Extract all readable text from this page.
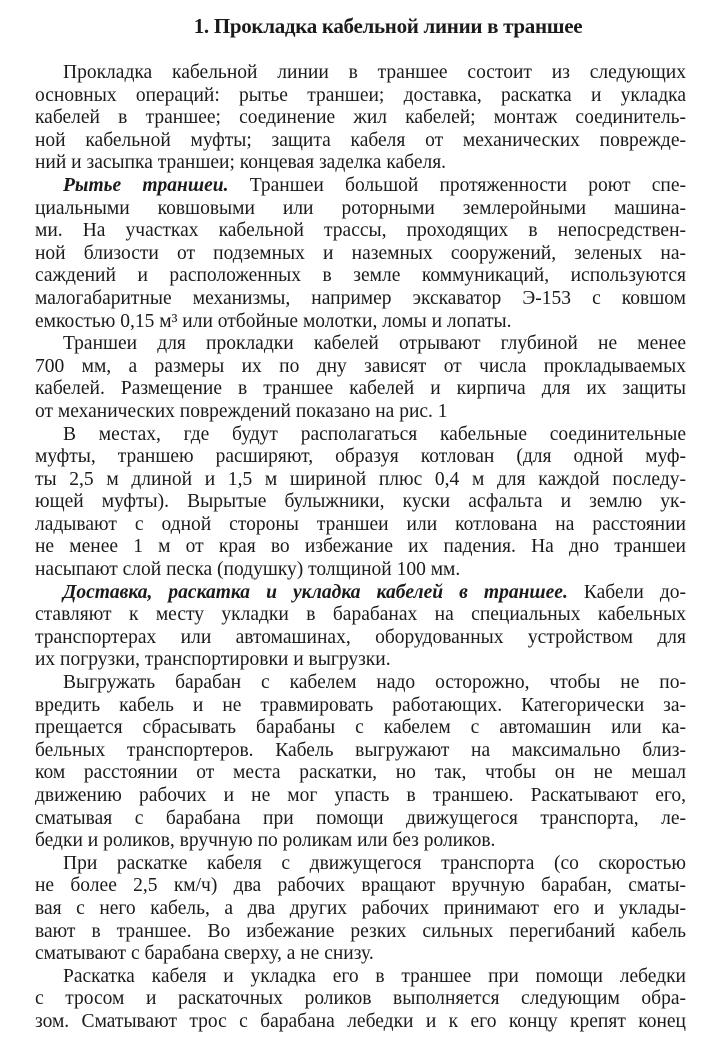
1. Прокладка кабельной линии в траншее
Прокладка кабельной линии в траншее состоит из следующих
основных операций: рытье траншеи; доставка, раскатка и укладка
кабелей в траншее; соединение жил кабелей; монтаж соединитель-
ной кабельной муфты; защита кабеля от механических поврежде-
ний и засыпка траншеи; концевая заделка кабеля.
Рытье траншеи. Траншеи большой протяженности роют спе-
циальными ковшовыми или роторными землеройными машина-
ми. На участках кабельной трассы, проходящих в непосредствен-
ной близости от подземных и наземных сооружений, зеленых на-
саждений и расположенных в земле коммуникаций, используются
малогабаритные механизмы, например экскаватор Э-153 с ковшом
емкостью 0,15 м³ или отбойные молотки, ломы и лопаты.
Траншеи для прокладки кабелей отрывают глубиной не менее
700 мм, а размеры их по дну зависят от числа прокладываемых
кабелей. Размещение в траншее кабелей и кирпича для их защиты
от механических повреждений показано на рис. 1
В местах, где будут располагаться кабельные соединительные
муфты, траншею расширяют, образуя котлован (для одной муф-
ты 2,5 м длиной и 1,5 м шириной плюс 0,4 м для каждой последу-
ющей муфты). Вырытые булыжники, куски асфальта и землю ук-
ладывают с одной стороны траншеи или котлована на расстоянии
не менее 1 м от края во избежание их падения. На дно траншеи
насыпают слой песка (подушку) толщиной 100 мм.
Доставка, раскатка и укладка кабелей в траншее. Кабели до-
ставляют к месту укладки в барабанах на специальных кабельных
транспортерах или автомашинах, оборудованных устройством для
их погрузки, транспортировки и выгрузки.
Выгружать барабан с кабелем надо осторожно, чтобы не по-
вредить кабель и не травмировать работающих. Категорически за-
прещается сбрасывать барабаны с кабелем с автомашин или ка-
бельных транспортеров. Кабель выгружают на максимально близ-
ком расстоянии от места раскатки, но так, чтобы он не мешал
движению рабочих и не мог упасть в траншею. Раскатывают его,
сматывая с барабана при помощи движущегося транспорта, ле-
бедки и роликов, вручную по роликам или без роликов.
При раскатке кабеля с движущегося транспорта (со скоростью
не более 2,5 км/ч) два рабочих вращают вручную барабан, смaты-
вая с него кабель, а два других рабочих принимают его и уклады-
вают в траншее. Во избежание резких сильных перегибаний кабель
сматывают с барабана сверху, а не снизу.
Раскатка кабеля и укладка его в траншее при помощи лебедки
с тросом и раскаточных роликов выполняется следующим обра-
зом. Сматывают трос с барабана лебедки и к его концу крепят конец
